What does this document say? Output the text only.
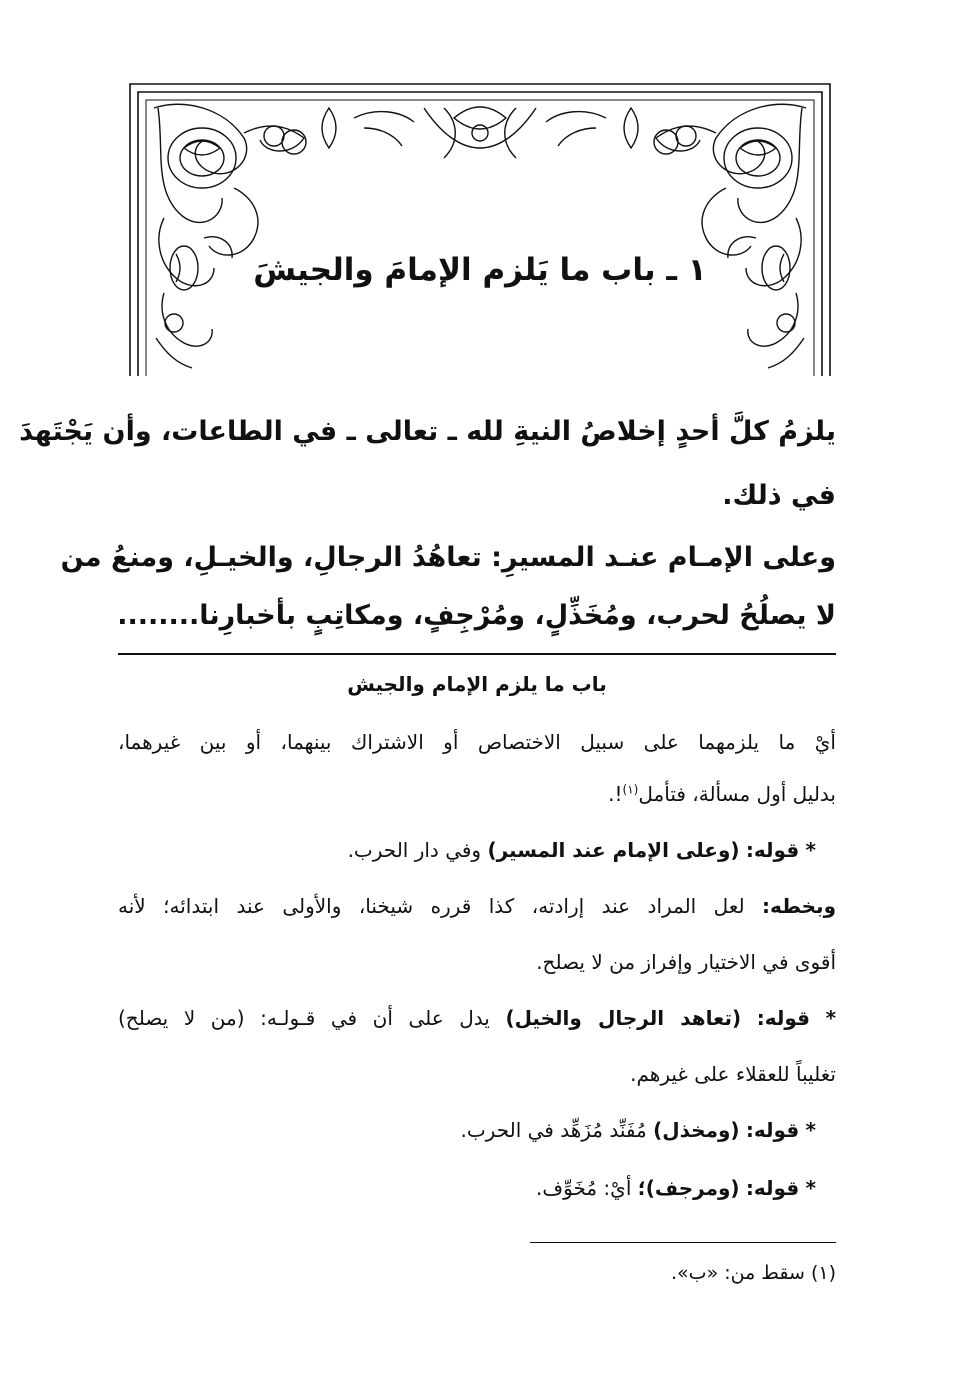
١ ـ باب ما يَلزم الإمامَ والجيشَ
يلزمُ كلَّ أحدٍ إخلاصُ النيةِ لله ـ تعالى ـ في الطاعات، وأن يَجْتَهدَ
في ذلك.
وعلى الإمـام عنـد المسيرِ: تعاهُدُ الرجالِ، والخيـلِ، ومنعُ من
لا يصلُحُ لحرب، ومُخَذِّلٍ، ومُرْجِفٍ، ومكاتِبٍ بأخبارِنا........
باب ما يلزم الإمام والجيش
أيْ ما يلزمهما على سبيل الاختصاص أو الاشتراك بينهما، أو بين غيرهما،
بدليل أول مسألة، فتأمل$^{(١)}$!.
* قوله: (وعلى الإمام عند المسير) وفي دار الحرب.
وبخطه: لعل المراد عند إرادته، كذا قرره شيخنا، والأولى عند ابتدائه؛ لأنه
أقوى في الاختيار وإفراز من لا يصلح.
* قوله: (تعاهد الرجال والخيل) يدل على أن في قـولـه: (من لا يصلح)
تغليباً للعقلاء على غيرهم.
* قوله: (ومخذل) مُفَنِّد مُزَهِّد في الحرب.
* قوله: (ومرجف)؛ أيْ: مُخَوِّف.
(١) سقط من: «ب».
